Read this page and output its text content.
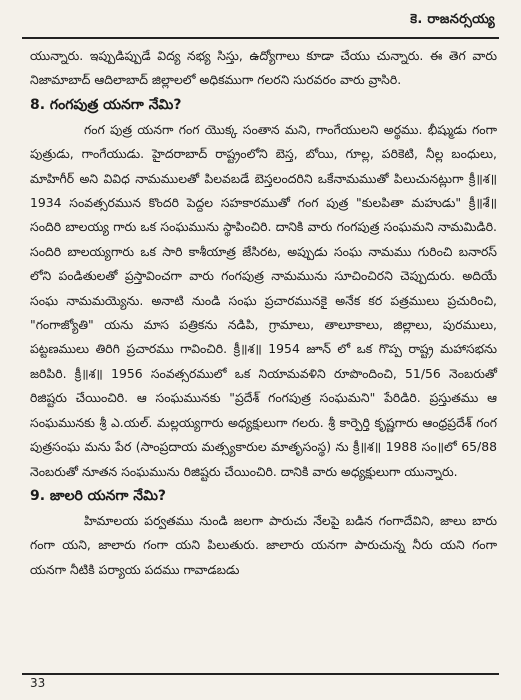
కె. రాజనర్సయ్య

యున్నారు. ఇప్పుడిప్పుడే విద్య నభ్య సిస్తు, ఉద్యోగాలు కూడా చేయు చున్నారు. ఈ తెగ వారు నిజామాబాద్ ఆదిలాబాద్ జిల్లాలలో అధికముగా గలరని సురవరం వారు వ్రాసిరి.

8. గంగపుత్ర యనగా నేమి?

గంగ పుత్ర యనగా గంగ యొక్క సంతాన మని, గాంగేయులని అర్థము. భీష్ముడు గంగా పుత్రుడు, గాంగేయుడు. హైదరాబాద్ రాష్ట్రంలోని బెస్త, బోయి, గూల్ల, పరికెటి, నీల్ల బంధులు, మాహిగీర్ అని వివిధ నామములతో పిలవబడే బెస్తలందరిని ఒకేనామముతో పిలుచునట్లుగా క్రీ॥శ॥ 1934 సంవత్సరమున కొందరి పెద్దల సహకారముతో గంగ పుత్ర "కులపితా మహుడు" క్రీ॥శే॥ సందిరి బాలయ్య గారు ఒక సంఘమును స్థాపించిరి. దానికి వారు గంగపుత్ర సంఘమని నామమిడిరి. సందిరి బాలయ్యగారు ఒక సారి కాశీయాత్ర జేసిరట, అప్పుడు సంఘ నామము గురించి బనారస్ లోని పండితులతో ప్రస్తావించగా వారు గంగపుత్ర నామమును సూచించిరని చెప్పుదురు. అదియే సంఘ నామమయ్యెను. అనాటి నుండి సంఘ ప్రచారమునకై అనేక కర పత్రములు ప్రచురించి, "గంగాజ్యోతి" యను మాస పత్రికను నడిపి, గ్రామాలు, తాలూకాలు, జిల్లాలు, పురములు, పట్టణములు తిరిగి ప్రచారము గావించిరి. క్రీ॥శ॥ 1954 జూన్ లో ఒక గొప్ప రాష్ట్ర మహాసభను జరిపిరి. క్రీ॥శ॥ 1956 సంవత్సరములో ఒక నియామవళిని రూపొందించి, 51/56 నెంబరుతో రిజిష్టరు చేయించిరి. ఆ సంఘమునకు "ప్రదేశ్ గంగపుత్ర సంఘమని" పేరిడిరి. ప్రస్తుతము ఆ సంఘమునకు శ్రీ ఎ.యల్. మల్లయ్యగారు అధ్యక్షులుగా గలరు. శ్రీ కార్పెర్తి కృష్ణగారు ఆంధ్రప్రదేశ్ గంగ పుత్రసంఘ మను పేర (సాంప్రదాయ మత్స్యకారుల మాతృసంస్థ) ను క్రీ॥శ॥ 1988 సం॥లో 65/88 నెంబరుతో నూతన సంఘమును రిజిష్టరు చేయించిరి. దానికి వారు అధ్యక్షులుగా యున్నారు.

9. జాలరి యనగా నేమి?

హిమాలయ పర్వతము నుండి జలగా పారుచు నేలపై బడిన గంగాదేవిని, జాలు బారు గంగా యని, జాలారు గంగా యని పిలుతురు. జాలారు యనగా పారుచున్న నీరు యని గంగా యనగా నీటికి పర్యాయ పదము గావాడబడు

33
